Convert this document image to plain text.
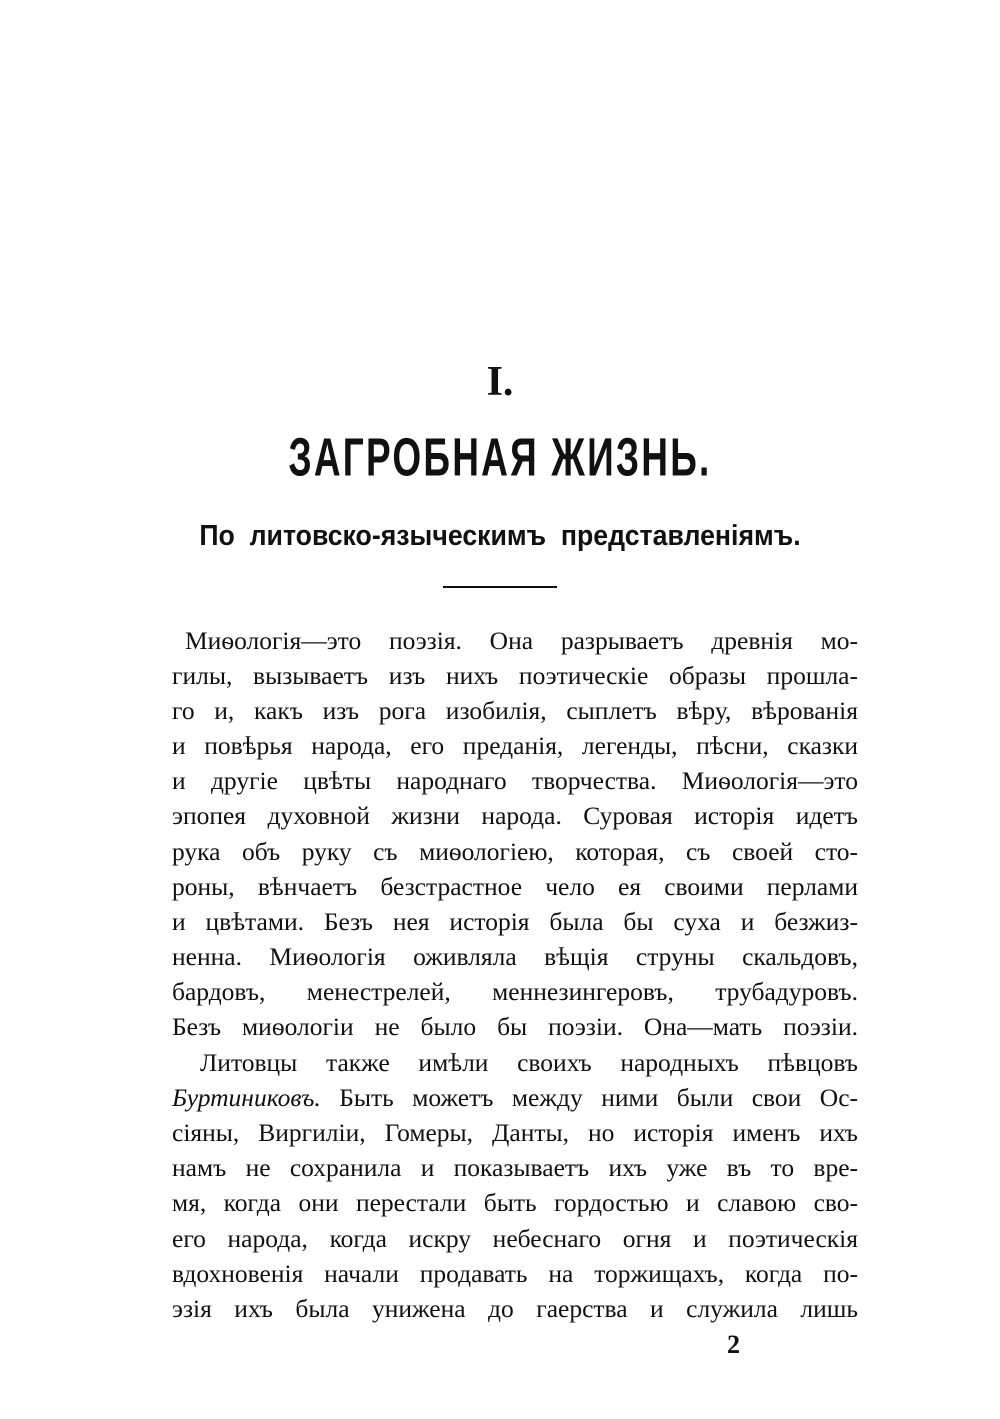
I.
ЗАГРОБНАЯ ЖИЗНЬ.
По литовско-языческимъ представленіямъ.
Миѳологія—это поэзія. Она разрываетъ древнія мо-
гилы, вызываетъ изъ нихъ поэтическіе образы прошла-
го и, какъ изъ рога изобилія, сыплетъ вѣру, вѣрованія
и повѣрья народа, его преданія, легенды, пѣсни, сказки
и другіе цвѣты народнаго творчества. Миѳологія—это
эпопея духовной жизни народа. Суровая исторія идетъ
рука объ руку съ миѳологіею, которая, съ своей сто-
роны, вѣнчаетъ безстрастное чело ея своими перлами
и цвѣтами. Безъ нея исторія была бы суха и безжиз-
ненна. Миѳологія оживляла вѣщія струны скальдовъ,
бардовъ, менестрелей, меннезингеровъ, трубадуровъ.
Безъ миѳологіи не было бы поэзіи. Она—мать поэзіи.
Литовцы также имѣли своихъ народныхъ пѣвцовъ
Буртиниковъ. Быть можетъ между ними были свои Ос-
сіяны, Виргиліи, Гомеры, Данты, но исторія именъ ихъ
намъ не сохранила и показываетъ ихъ уже въ то вре-
мя, когда они перестали быть гордостью и славою сво-
его народа, когда искру небеснаго огня и поэтическія
вдохновенія начали продавать на торжищахъ, когда по-
эзія ихъ была унижена до гаерства и служила лишь
2
